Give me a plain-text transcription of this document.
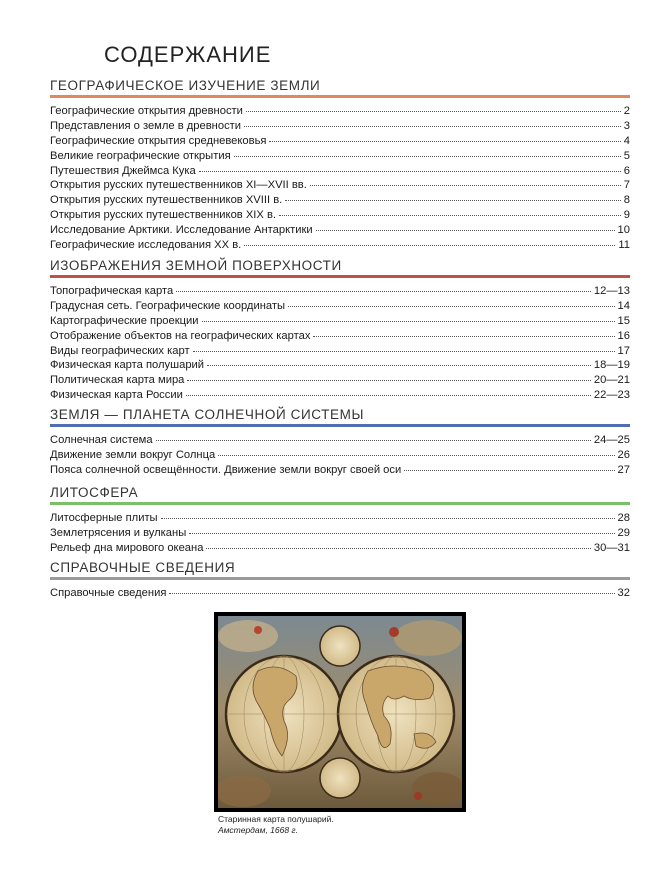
СОДЕРЖАНИЕ
ГЕОГРАФИЧЕСКОЕ ИЗУЧЕНИЕ ЗЕМЛИ
Географические открытия древности	2
Представления о земле в древности	3
Географические открытия средневековья	4
Великие географические открытия	5
Путешествия Джеймса Кука	6
Открытия русских путешественников XI—XVII вв.	7
Открытия русских путешественников XVIII в.	8
Открытия русских путешественников XIX в.	9
Исследование Арктики. Исследование Антарктики	10
Географические исследования XX в.	11
ИЗОБРАЖЕНИЯ ЗЕМНОЙ ПОВЕРХНОСТИ
Топографическая карта	12—13
Градусная сеть. Географические координаты	14
Картографические проекции	15
Отображение объектов на географических картах	16
Виды географических карт	17
Физическая карта полушарий	18—19
Политическая карта мира	20—21
Физическая карта России	22—23
ЗЕМЛЯ — ПЛАНЕТА СОЛНЕЧНОЙ СИСТЕМЫ
Солнечная система	24—25
Движение земли вокруг Солнца	26
Пояса солнечной освещённости. Движение земли вокруг своей оси	27
ЛИТОСФЕРА
Литосферные плиты	28
Землетрясения и вулканы	29
Рельеф дна мирового океана	30—31
СПРАВОЧНЫЕ СВЕДЕНИЯ
Справочные сведения	32
Старинная карта полушарий.
Амстердам, 1668 г.
